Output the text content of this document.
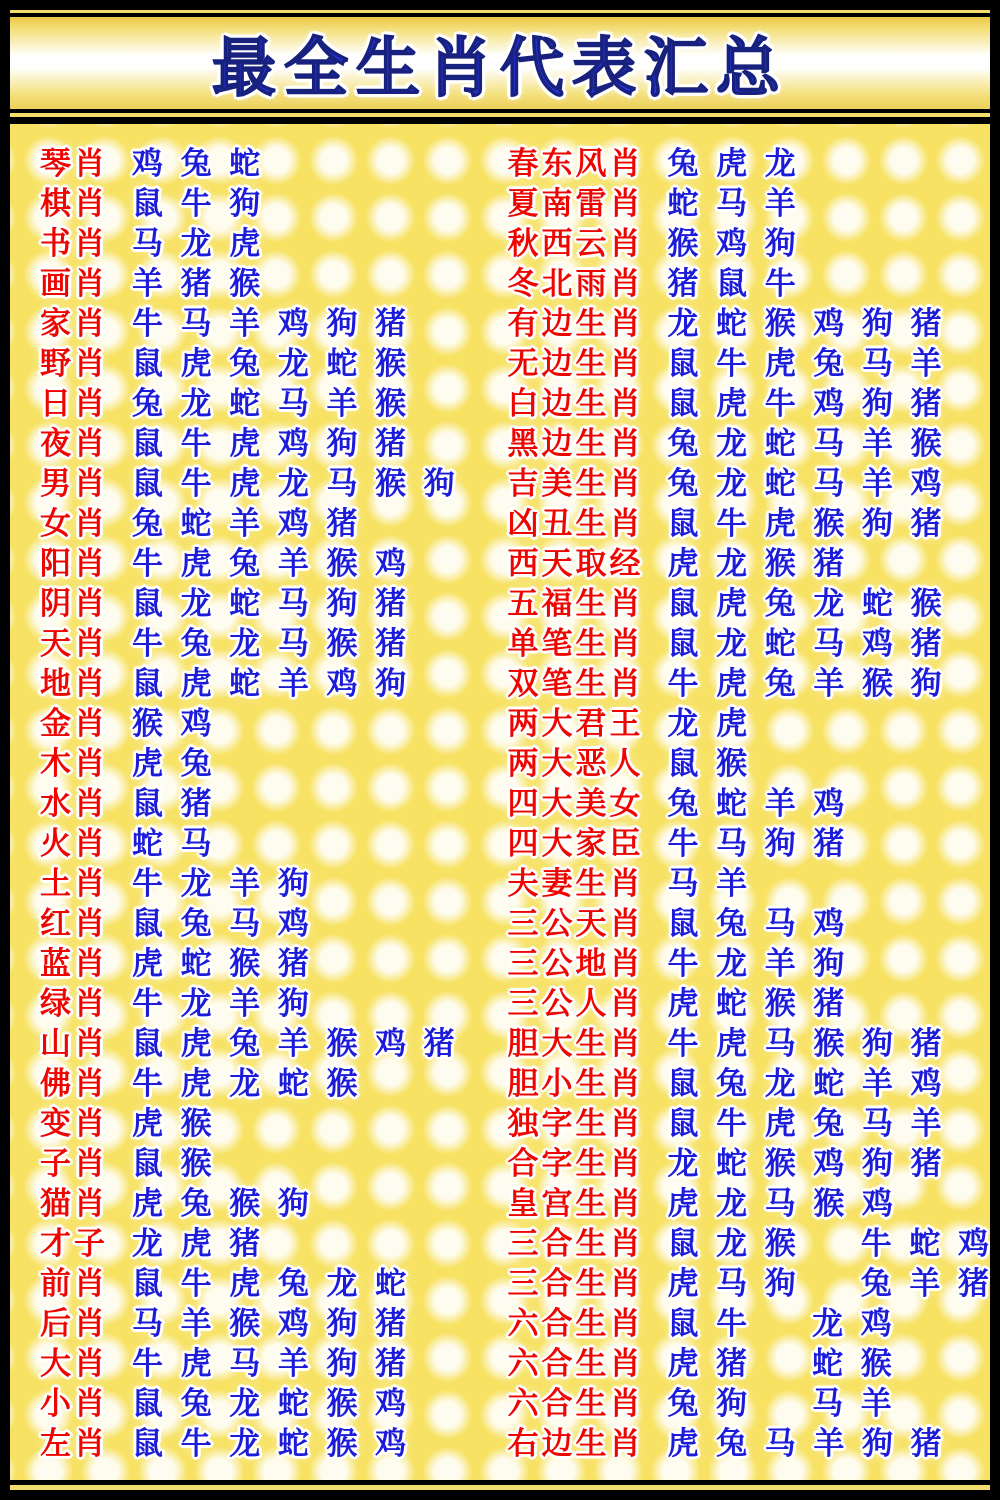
最全生肖代表汇总
琴肖 鸡 兔 蛇
棋肖 鼠 牛 狗
书肖 马 龙 虎
画肖 羊 猪 猴
家肖 牛 马 羊 鸡 狗 猪
野肖 鼠 虎 兔 龙 蛇 猴
日肖 兔 龙 蛇 马 羊 猴
夜肖 鼠 牛 虎 鸡 狗 猪
男肖 鼠 牛 虎 龙 马 猴 狗
女肖 兔 蛇 羊 鸡 猪
阳肖 牛 虎 兔 羊 猴 鸡
阴肖 鼠 龙 蛇 马 狗 猪
天肖 牛 兔 龙 马 猴 猪
地肖 鼠 虎 蛇 羊 鸡 狗
金肖 猴 鸡
木肖 虎 兔
水肖 鼠 猪
火肖 蛇 马
土肖 牛 龙 羊 狗
红肖 鼠 兔 马 鸡
蓝肖 虎 蛇 猴 猪
绿肖 牛 龙 羊 狗
山肖 鼠 虎 兔 羊 猴 鸡 猪
佛肖 牛 虎 龙 蛇 猴
变肖 虎 猴
子肖 鼠 猴
猫肖 虎 兔 猴 狗
才子 龙 虎 猪
前肖 鼠 牛 虎 兔 龙 蛇
后肖 马 羊 猴 鸡 狗 猪
大肖 牛 虎 马 羊 狗 猪
小肖 鼠 兔 龙 蛇 猴 鸡
左肖 鼠 牛 龙 蛇 猴 鸡
春东风肖 兔 虎 龙
夏南雷肖 蛇 马 羊
秋西云肖 猴 鸡 狗
冬北雨肖 猪 鼠 牛
有边生肖 龙 蛇 猴 鸡 狗 猪
无边生肖 鼠 牛 虎 兔 马 羊
白边生肖 鼠 虎 牛 鸡 狗 猪
黑边生肖 兔 龙 蛇 马 羊 猴
吉美生肖 兔 龙 蛇 马 羊 鸡
凶丑生肖 鼠 牛 虎 猴 狗 猪
西天取经 虎 龙 猴 猪
五福生肖 鼠 虎 兔 龙 蛇 猴
单笔生肖 鼠 龙 蛇 马 鸡 猪
双笔生肖 牛 虎 兔 羊 猴 狗
两大君王 龙 虎
两大恶人 鼠 猴
四大美女 兔 蛇 羊 鸡
四大家臣 牛 马 狗 猪
夫妻生肖 马 羊
三公天肖 鼠 兔 马 鸡
三公地肖 牛 龙 羊 狗
三公人肖 虎 蛇 猴 猪
胆大生肖 牛 虎 马 猴 狗 猪
胆小生肖 鼠 兔 龙 蛇 羊 鸡
独字生肖 鼠 牛 虎 兔 马 羊
合字生肖 龙 蛇 猴 鸡 狗 猪
皇宫生肖 虎 龙 马 猴 鸡
三合生肖 鼠 龙 猴　　牛 蛇 鸡
三合生肖 虎 马 狗　　兔 羊 猪
六合生肖 鼠 牛　　龙 鸡
六合生肖 虎 猪　　蛇 猴
六合生肖 兔 狗　　马 羊
右边生肖 虎 兔 马 羊 狗 猪
